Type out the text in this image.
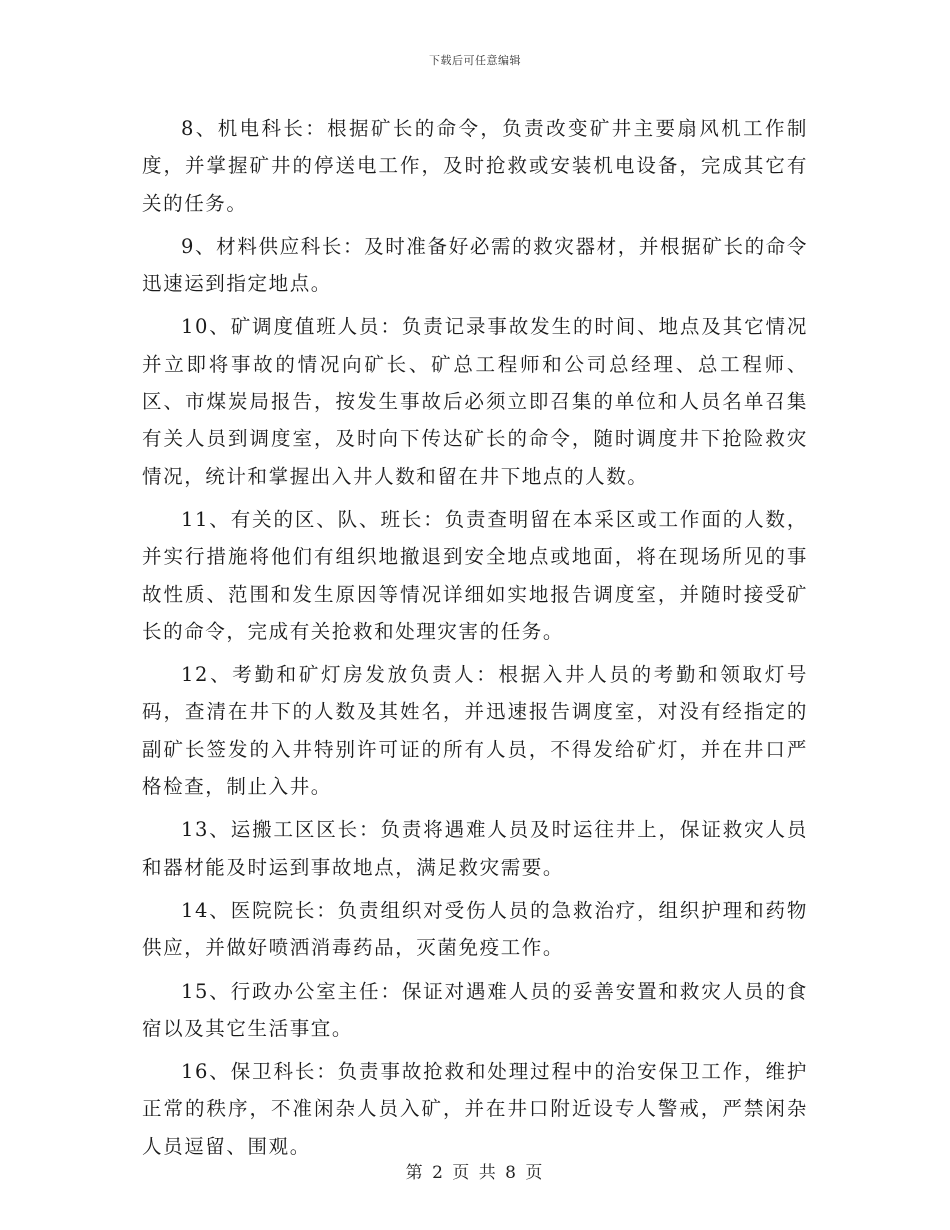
下载后可任意编辑

8、机电科长：根据矿长的命令，负责改变矿井主要扇风机工作制度，并掌握矿井的停送电工作，及时抢救或安装机电设备，完成其它有关的任务。

9、材料供应科长：及时准备好必需的救灾器材，并根据矿长的命令迅速运到指定地点。

10、矿调度值班人员：负责记录事故发生的时间、地点及其它情况并立即将事故的情况向矿长、矿总工程师和公司总经理、总工程师、区、市煤炭局报告，按发生事故后必须立即召集的单位和人员名单召集有关人员到调度室，及时向下传达矿长的命令，随时调度井下抢险救灾情况，统计和掌握出入井人数和留在井下地点的人数。

11、有关的区、队、班长：负责查明留在本采区或工作面的人数，并实行措施将他们有组织地撤退到安全地点或地面，将在现场所见的事故性质、范围和发生原因等情况详细如实地报告调度室，并随时接受矿长的命令，完成有关抢救和处理灾害的任务。

12、考勤和矿灯房发放负责人：根据入井人员的考勤和领取灯号码，查清在井下的人数及其姓名，并迅速报告调度室，对没有经指定的副矿长签发的入井特别许可证的所有人员，不得发给矿灯，并在井口严格检查，制止入井。

13、运搬工区区长：负责将遇难人员及时运往井上，保证救灾人员和器材能及时运到事故地点，满足救灾需要。

14、医院院长：负责组织对受伤人员的急救治疗，组织护理和药物供应，并做好喷洒消毒药品，灭菌免疫工作。

15、行政办公室主任：保证对遇难人员的妥善安置和救灾人员的食宿以及其它生活事宜。

16、保卫科长：负责事故抢救和处理过程中的治安保卫工作，维护正常的秩序，不准闲杂人员入矿，并在井口附近设专人警戒，严禁闲杂人员逗留、围观。

第 2 页 共 8 页
